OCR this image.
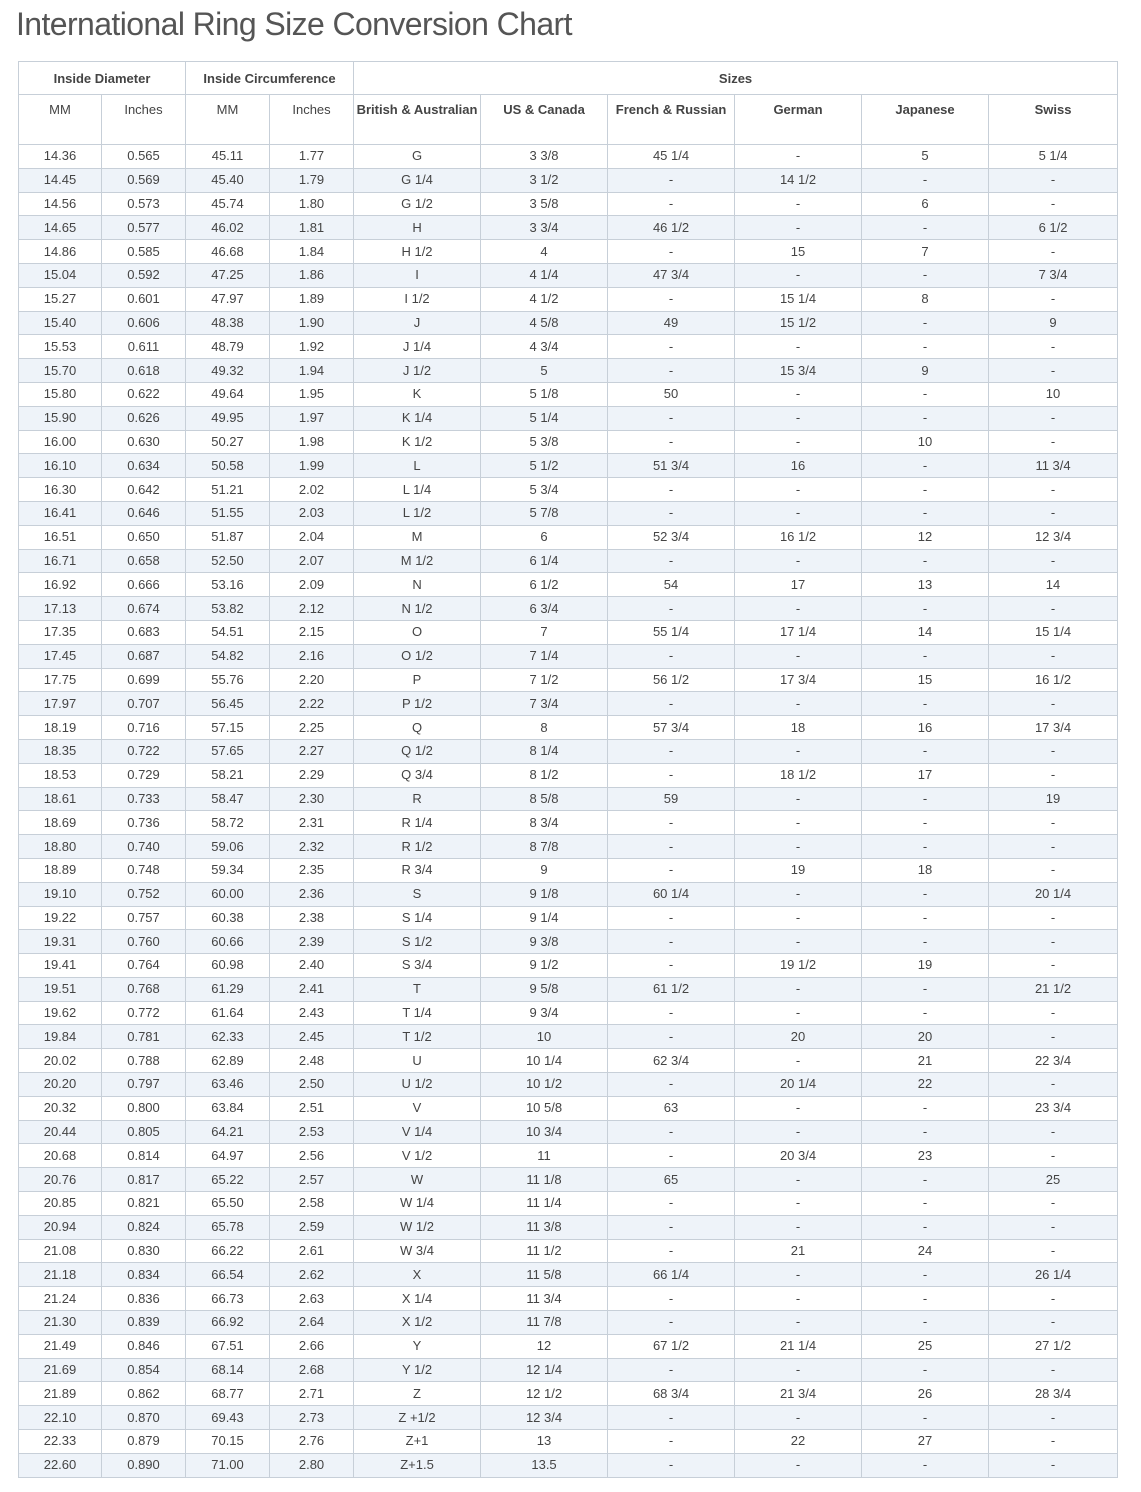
International Ring Size Conversion Chart
Inside Diameter		Inside Circumference		Sizes					
MM	Inches	MM	Inches	British & Australian	US & Canada	French & Russian	German	Japanese	Swiss
14.36	0.565	45.11	1.77	G	3 3/8	45 1/4	-	5	5 1/4
14.45	0.569	45.40	1.79	G 1/4	3 1/2	-	14 1/2	-	-
14.56	0.573	45.74	1.80	G 1/2	3 5/8	-	-	6	-
14.65	0.577	46.02	1.81	H	3 3/4	46 1/2	-	-	6 1/2
14.86	0.585	46.68	1.84	H 1/2	4	-	15	7	-
15.04	0.592	47.25	1.86	I	4 1/4	47 3/4	-	-	7 3/4
15.27	0.601	47.97	1.89	I 1/2	4 1/2	-	15 1/4	8	-
15.40	0.606	48.38	1.90	J	4 5/8	49	15 1/2	-	9
15.53	0.611	48.79	1.92	J 1/4	4 3/4	-	-	-	-
15.70	0.618	49.32	1.94	J 1/2	5	-	15 3/4	9	-
15.80	0.622	49.64	1.95	K	5 1/8	50	-	-	10
15.90	0.626	49.95	1.97	K 1/4	5 1/4	-	-	-	-
16.00	0.630	50.27	1.98	K 1/2	5 3/8	-	-	10	-
16.10	0.634	50.58	1.99	L	5 1/2	51 3/4	16	-	11 3/4
16.30	0.642	51.21	2.02	L 1/4	5 3/4	-	-	-	-
16.41	0.646	51.55	2.03	L 1/2	5 7/8	-	-	-	-
16.51	0.650	51.87	2.04	M	6	52 3/4	16 1/2	12	12 3/4
16.71	0.658	52.50	2.07	M 1/2	6 1/4	-	-	-	-
16.92	0.666	53.16	2.09	N	6 1/2	54	17	13	14
17.13	0.674	53.82	2.12	N 1/2	6 3/4	-	-	-	-
17.35	0.683	54.51	2.15	O	7	55 1/4	17 1/4	14	15 1/4
17.45	0.687	54.82	2.16	O 1/2	7 1/4	-	-	-	-
17.75	0.699	55.76	2.20	P	7 1/2	56 1/2	17 3/4	15	16 1/2
17.97	0.707	56.45	2.22	P 1/2	7 3/4	-	-	-	-
18.19	0.716	57.15	2.25	Q	8	57 3/4	18	16	17 3/4
18.35	0.722	57.65	2.27	Q 1/2	8 1/4	-	-	-	-
18.53	0.729	58.21	2.29	Q 3/4	8 1/2	-	18 1/2	17	-
18.61	0.733	58.47	2.30	R	8 5/8	59	-	-	19
18.69	0.736	58.72	2.31	R 1/4	8 3/4	-	-	-	-
18.80	0.740	59.06	2.32	R 1/2	8 7/8	-	-	-	-
18.89	0.748	59.34	2.35	R 3/4	9	-	19	18	-
19.10	0.752	60.00	2.36	S	9 1/8	60 1/4	-	-	20 1/4
19.22	0.757	60.38	2.38	S 1/4	9 1/4	-	-	-	-
19.31	0.760	60.66	2.39	S 1/2	9 3/8	-	-	-	-
19.41	0.764	60.98	2.40	S 3/4	9 1/2	-	19 1/2	19	-
19.51	0.768	61.29	2.41	T	9 5/8	61 1/2	-	-	21 1/2
19.62	0.772	61.64	2.43	T 1/4	9 3/4	-	-	-	-
19.84	0.781	62.33	2.45	T 1/2	10	-	20	20	-
20.02	0.788	62.89	2.48	U	10 1/4	62 3/4	-	21	22 3/4
20.20	0.797	63.46	2.50	U 1/2	10 1/2	-	20 1/4	22	-
20.32	0.800	63.84	2.51	V	10 5/8	63	-	-	23 3/4
20.44	0.805	64.21	2.53	V 1/4	10 3/4	-	-	-	-
20.68	0.814	64.97	2.56	V 1/2	11	-	20 3/4	23	-
20.76	0.817	65.22	2.57	W	11 1/8	65	-	-	25
20.85	0.821	65.50	2.58	W 1/4	11 1/4	-	-	-	-
20.94	0.824	65.78	2.59	W 1/2	11 3/8	-	-	-	-
21.08	0.830	66.22	2.61	W 3/4	11 1/2	-	21	24	-
21.18	0.834	66.54	2.62	X	11 5/8	66 1/4	-	-	26 1/4
21.24	0.836	66.73	2.63	X 1/4	11 3/4	-	-	-	-
21.30	0.839	66.92	2.64	X 1/2	11 7/8	-	-	-	-
21.49	0.846	67.51	2.66	Y	12	67 1/2	21 1/4	25	27 1/2
21.69	0.854	68.14	2.68	Y 1/2	12 1/4	-	-	-	-
21.89	0.862	68.77	2.71	Z	12 1/2	68 3/4	21 3/4	26	28 3/4
22.10	0.870	69.43	2.73	Z +1/2	12 3/4	-	-	-	-
22.33	0.879	70.15	2.76	Z+1	13	-	22	27	-
22.60	0.890	71.00	2.80	Z+1.5	13.5	-	-	-	-
